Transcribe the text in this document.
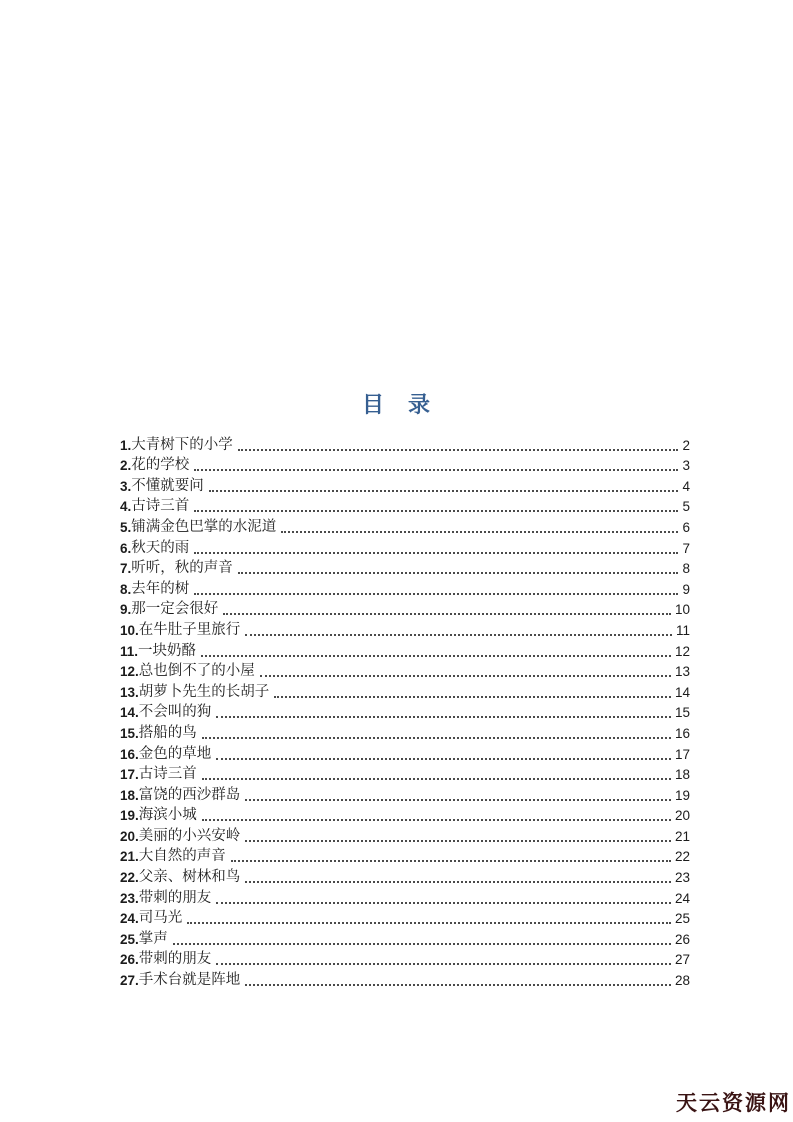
目　录
1. 大青树下的小学	2
2. 花的学校	3
3. 不懂就要问	4
4. 古诗三首	5
5. 铺满金色巴掌的水泥道	6
6. 秋天的雨	7
7. 听听，秋的声音	8
8. 去年的树	9
9. 那一定会很好	10
10. 在牛肚子里旅行	11
11. 一块奶酪	12
12. 总也倒不了的小屋	13
13. 胡萝卜先生的长胡子	14
14. 不会叫的狗	15
15. 搭船的鸟	16
16. 金色的草地	17
17. 古诗三首	18
18. 富饶的西沙群岛	19
19. 海滨小城	20
20. 美丽的小兴安岭	21
21. 大自然的声音	22
22. 父亲、树林和鸟	23
23. 带刺的朋友	24
24. 司马光	25
25. 掌声	26
26. 带刺的朋友	27
27. 手术台就是阵地	28
天云资源网
